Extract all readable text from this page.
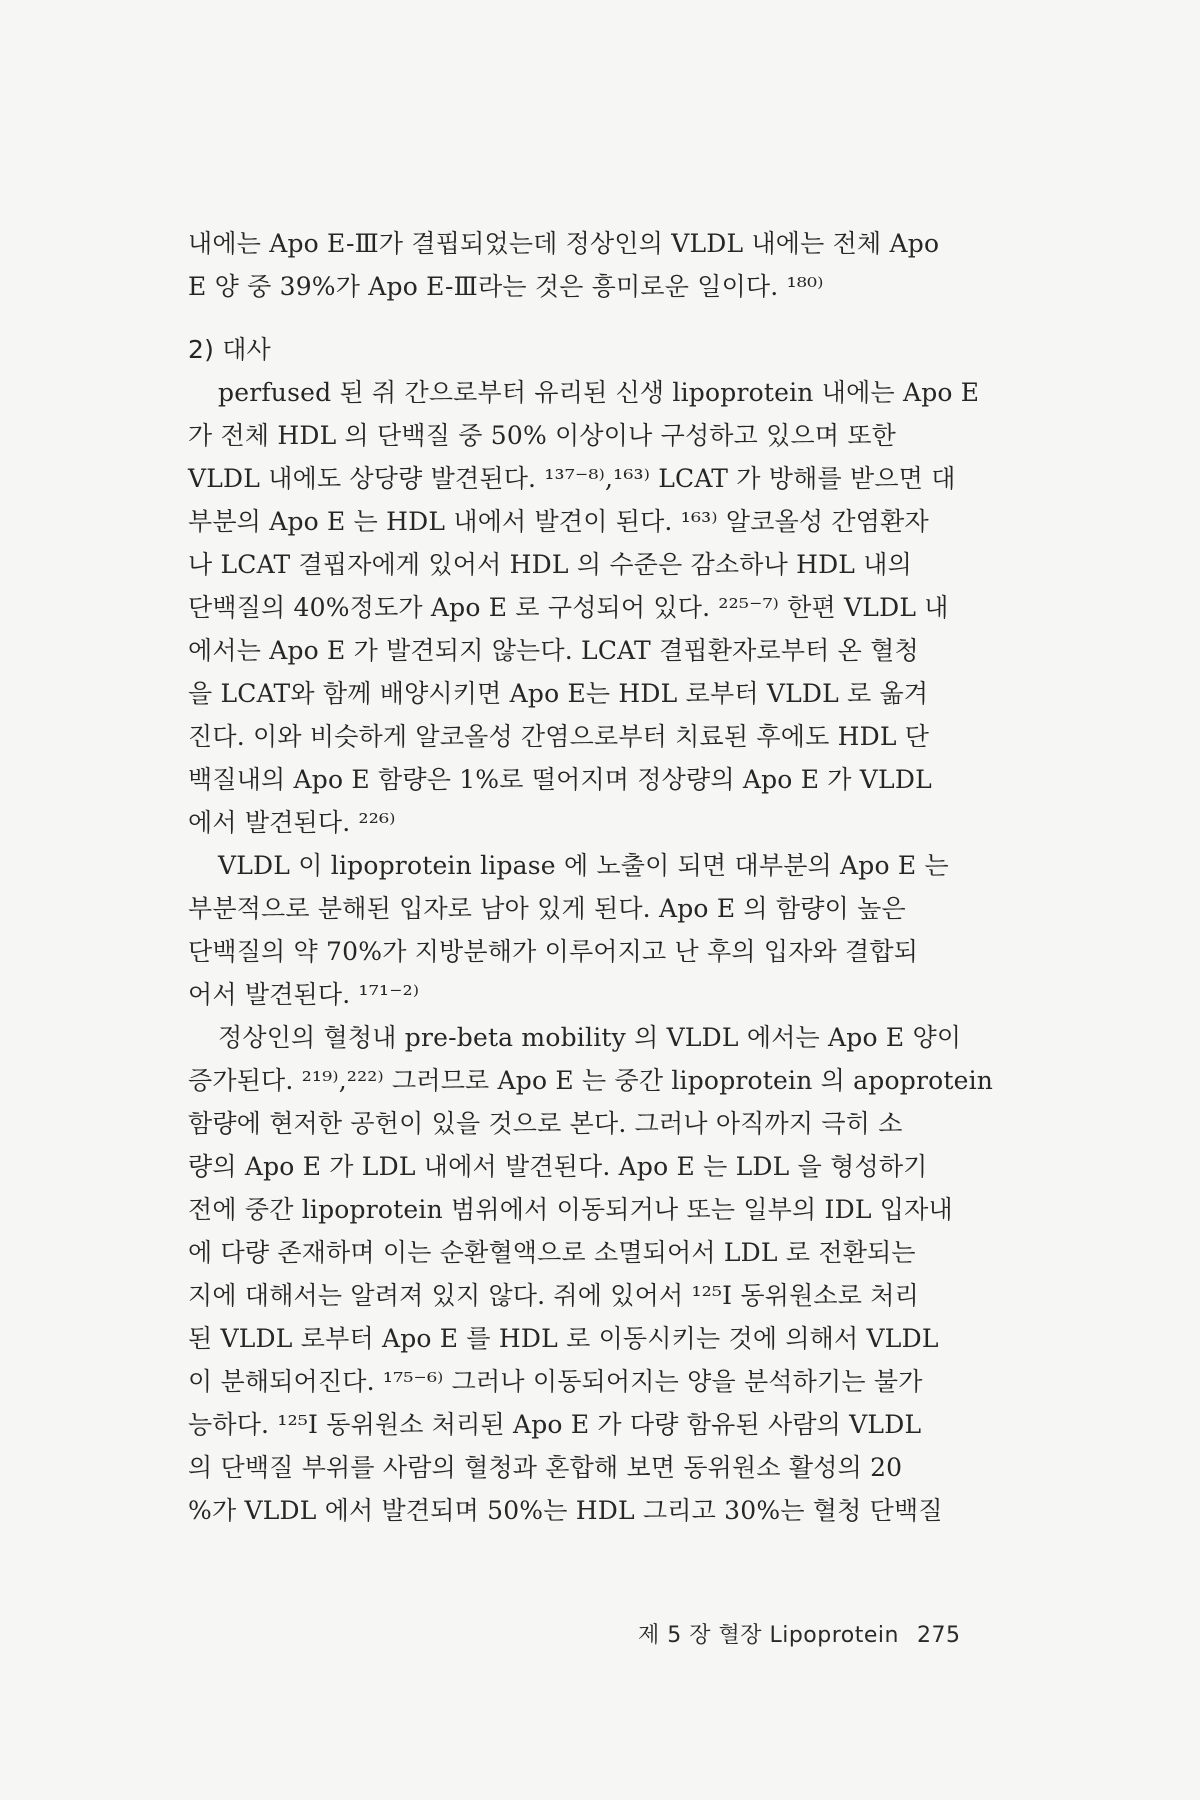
내에는 Apo E-Ⅲ가 결핍되었는데 정상인의 VLDL 내에는 전체 Apo
E 양 중 39%가 Apo E-Ⅲ라는 것은 흥미로운 일이다. ¹⁸⁰⁾

2) 대사

perfused 된 쥐 간으로부터 유리된 신생 lipoprotein 내에는 Apo E
가 전체 HDL 의 단백질 중 50% 이상이나 구성하고 있으며 또한
VLDL 내에도 상당량 발견된다. ¹³⁷⁻⁸⁾,¹⁶³⁾ LCAT 가 방해를 받으면 대
부분의 Apo E 는 HDL 내에서 발견이 된다. ¹⁶³⁾ 알코올성 간염환자
나 LCAT 결핍자에게 있어서 HDL 의 수준은 감소하나 HDL 내의
단백질의 40%정도가 Apo E 로 구성되어 있다. ²²⁵⁻⁷⁾ 한편 VLDL 내
에서는 Apo E 가 발견되지 않는다. LCAT 결핍환자로부터 온 혈청
을 LCAT와 함께 배양시키면 Apo E는 HDL 로부터 VLDL 로 옮겨
진다. 이와 비슷하게 알코올성 간염으로부터 치료된 후에도 HDL 단
백질내의 Apo E 함량은 1%로 떨어지며 정상량의 Apo E 가 VLDL
에서 발견된다. ²²⁶⁾

VLDL 이 lipoprotein lipase 에 노출이 되면 대부분의 Apo E 는
부분적으로 분해된 입자로 남아 있게 된다. Apo E 의 함량이 높은
단백질의 약 70%가 지방분해가 이루어지고 난 후의 입자와 결합되
어서 발견된다. ¹⁷¹⁻²⁾

정상인의 혈청내 pre-beta mobility 의 VLDL 에서는 Apo E 양이
증가된다. ²¹⁹⁾,²²²⁾ 그러므로 Apo E 는 중간 lipoprotein 의 apoprotein
함량에 현저한 공헌이 있을 것으로 본다. 그러나 아직까지 극히 소
량의 Apo E 가 LDL 내에서 발견된다. Apo E 는 LDL 을 형성하기
전에 중간 lipoprotein 범위에서 이동되거나 또는 일부의 IDL 입자내
에 다량 존재하며 이는 순환혈액으로 소멸되어서 LDL 로 전환되는
지에 대해서는 알려져 있지 않다. 쥐에 있어서 ¹²⁵I 동위원소로 처리
된 VLDL 로부터 Apo E 를 HDL 로 이동시키는 것에 의해서 VLDL
이 분해되어진다. ¹⁷⁵⁻⁶⁾ 그러나 이동되어지는 양을 분석하기는 불가
능하다. ¹²⁵I 동위원소 처리된 Apo E 가 다량 함유된 사람의 VLDL
의 단백질 부위를 사람의 혈청과 혼합해 보면 동위원소 활성의 20
%가 VLDL 에서 발견되며 50%는 HDL 그리고 30%는 혈청 단백질

제 5 장 혈장 Lipoprotein 275
